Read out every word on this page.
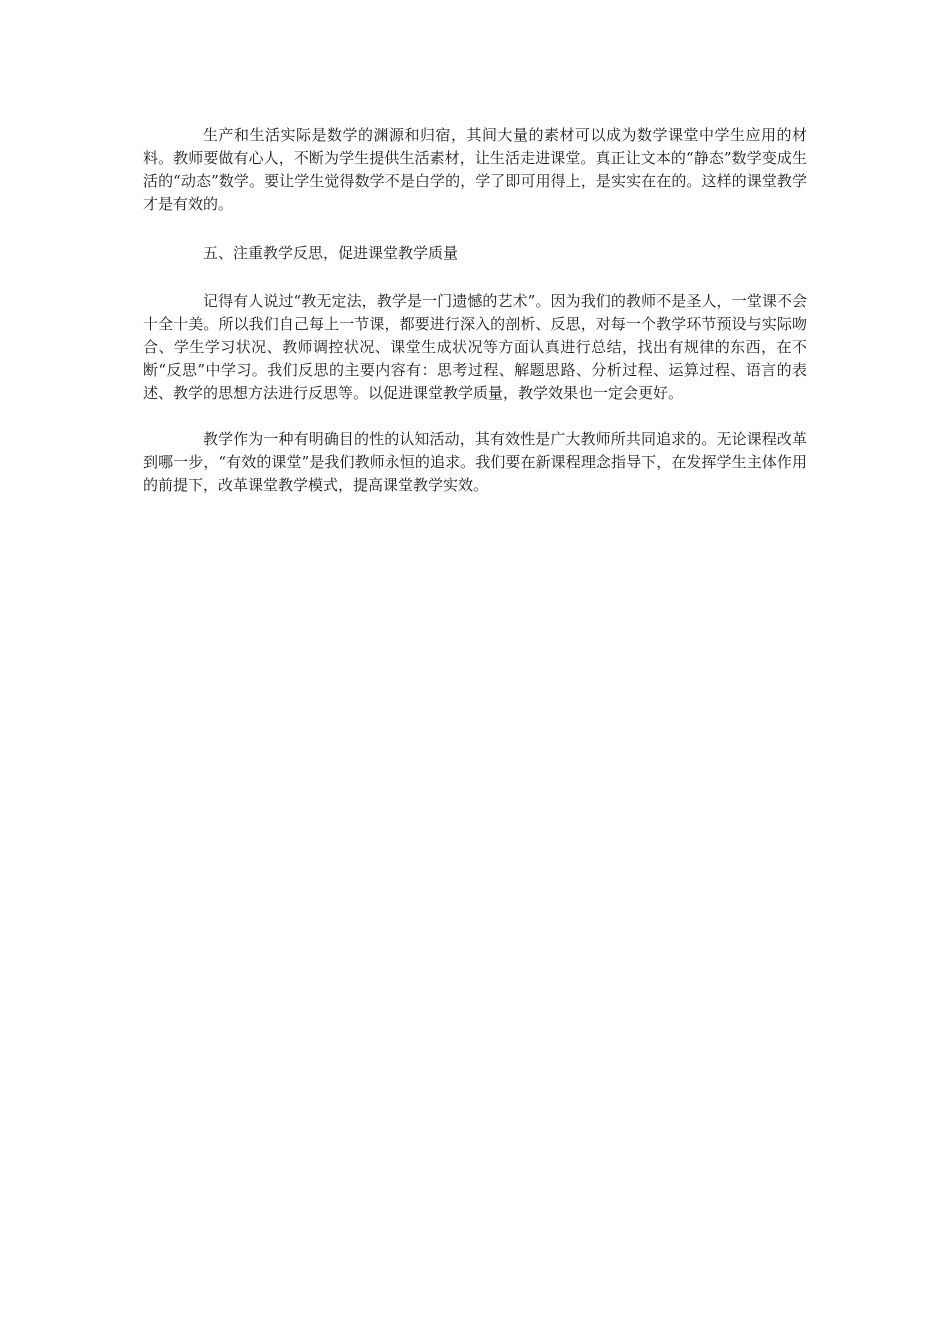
生产和生活实际是数学的渊源和归宿，其间大量的素材可以成为数学课堂中学生应用的材料。教师要做有心人，不断为学生提供生活素材，让生活走进课堂。真正让文本的“静态”数学变成生活的“动态”数学。要让学生觉得数学不是白学的，学了即可用得上，是实实在在的。这样的课堂教学才是有效的。

五、注重教学反思，促进课堂教学质量

记得有人说过“教无定法，教学是一门遗憾的艺术”。因为我们的教师不是圣人，一堂课不会十全十美。所以我们自己每上一节课，都要进行深入的剖析、反思，对每一个教学环节预设与实际吻合、学生学习状况、教师调控状况、课堂生成状况等方面认真进行总结，找出有规律的东西，在不断“反思”中学习。我们反思的主要内容有：思考过程、解题思路、分析过程、运算过程、语言的表述、教学的思想方法进行反思等。以促进课堂教学质量，教学效果也一定会更好。

教学作为一种有明确目的性的认知活动，其有效性是广大教师所共同追求的。无论课程改革到哪一步，“有效的课堂”是我们教师永恒的追求。我们要在新课程理念指导下，在发挥学生主体作用的前提下，改革课堂教学模式，提高课堂教学实效。
